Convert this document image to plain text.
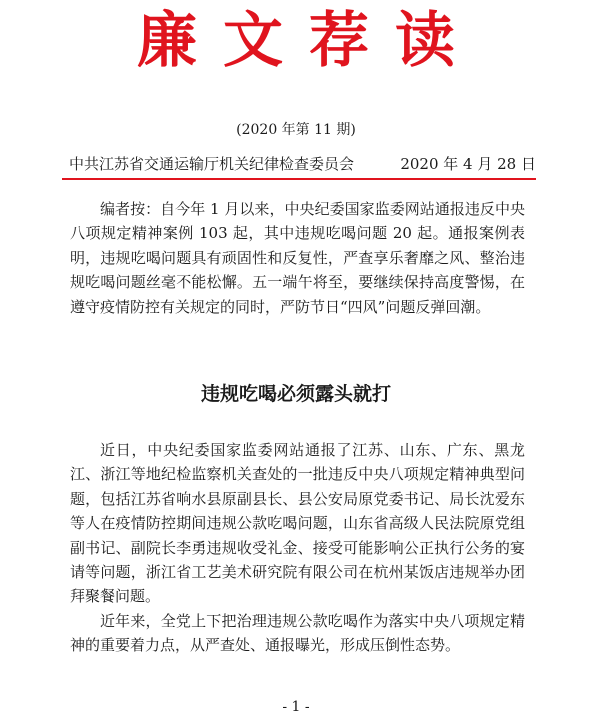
廉文荐读
(2020 年第 11 期)
中共江苏省交通运输厅机关纪律检查委员会	2020 年 4 月 28 日

编者按：自今年 1 月以来，中央纪委国家监委网站通报违反中央八项规定精神案例 103 起，其中违规吃喝问题 20 起。通报案例表明，违规吃喝问题具有顽固性和反复性，严查享乐奢靡之风、整治违规吃喝问题丝毫不能松懈。五一端午将至，要继续保持高度警惕，在遵守疫情防控有关规定的同时，严防节日“四风”问题反弹回潮。

违规吃喝必须露头就打

近日，中央纪委国家监委网站通报了江苏、山东、广东、黑龙江、浙江等地纪检监察机关查处的一批违反中央八项规定精神典型问题，包括江苏省响水县原副县长、县公安局原党委书记、局长沈爱东等人在疫情防控期间违规公款吃喝问题，山东省高级人民法院原党组副书记、副院长李勇违规收受礼金、接受可能影响公正执行公务的宴请等问题，浙江省工艺美术研究院有限公司在杭州某饭店违规举办团拜聚餐问题。

近年来，全党上下把治理违规公款吃喝作为落实中央八项规定精神的重要着力点，从严查处、通报曝光，形成压倒性态势。

- 1 -
